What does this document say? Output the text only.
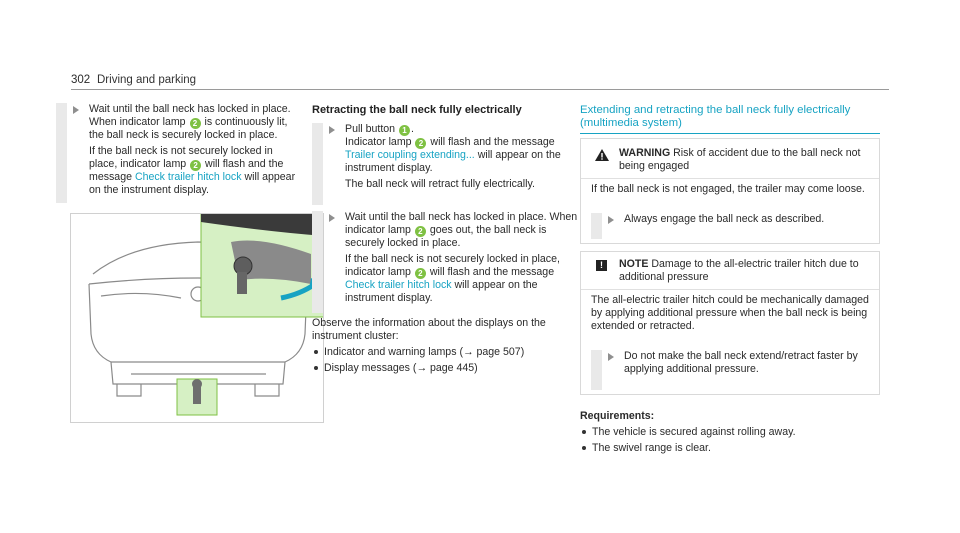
302 Driving and parking

Wait until the ball neck has locked in place. When indicator lamp 2 is continuously lit, the ball neck is securely locked in place.

If the ball neck is not securely locked in place, indicator lamp 2 will flash and the message Check trailer hitch lock will appear on the instrument display.

Retracting the ball neck fully electrically

Pull button 1 .

Indicator lamp 2 will flash and the message Trailer coupling extending... will appear on the instrument display.

The ball neck will retract fully electrically.

Wait until the ball neck has locked in place. When indicator lamp 2 goes out, the ball neck is securely locked in place.

If the ball neck is not securely locked in place, indicator lamp 2 will flash and the message Check trailer hitch lock will appear on the instrument display.

Observe the information about the displays on the instrument cluster:

Indicator and warning lamps (→ page 507)
Display messages (→ page 445)
Extending and retracting the ball neck fully electrically (multimedia system)
WARNING Risk of accident due to the ball neck not being engaged

If the ball neck is not engaged, the trailer may come loose.

Always engage the ball neck as described.

!	NOTE Damage to the all-electric trailer hitch due to additional pressure

The all-electric trailer hitch could be mechanically damaged by applying additional pressure when the ball neck is being extended or retracted.

Do not make the ball neck extend/retract faster by applying additional pressure.

Requirements:
The vehicle is secured against rolling away.
The swivel range is clear.
